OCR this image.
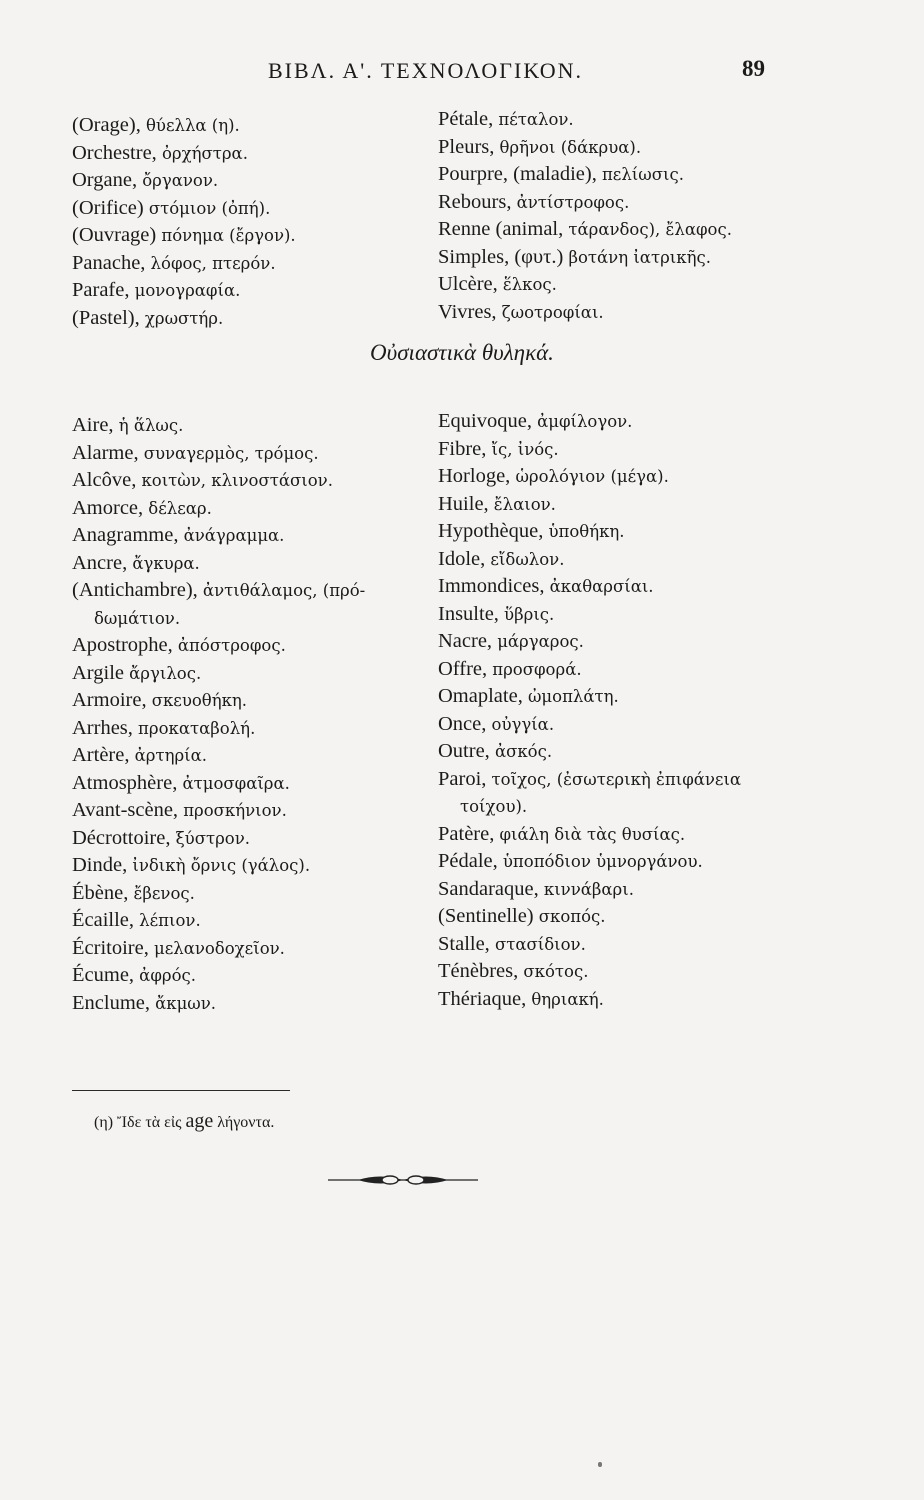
BIBΛ. Α'. ΤΕΧΝΟΛΟΓΙΚΟΝ.	89
(Orage), θύελλα (η).
Orchestre, ὀρχήστρα.
Organe, ὄργανον.
(Orifice) στόμιον (ὀπή).
(Ouvrage) πόνημα (ἔργον).
Panache, λόφος, πτερόν.
Parafe, μονογραφία.
(Pastel), χρωστήρ.
Pétale, πέταλον.
Pleurs, θρῆνοι (δάκρυα).
Pourpre, (maladie), πελίωσις.
Rebours, ἀντίστροφος.
Renne (animal, τάρανδος), ἔλαφος.
Simples, (φυτ.) βοτάνη ἰατρικῆς.
Ulcère, ἕλκος.
Vivres, ζωοτροφίαι.
Aire, ἡ ἅλως.
Alarme, συναγερμὸς, τρόμος.
Alcôve, κοιτὼν, κλινοστάσιον.
Amorce, δέλεαρ.
Anagramme, ἀνάγραμμα.
Ancre, ἄγκυρα.
(Antichambre), ἀντιθάλαμος, (πρό-
δωμάτιον.
Apostrophe, ἀπόστροφος.
Argile ἄργιλος.
Armoire, σκευοθήκη.
Arrhes, προκαταβολή.
Artère, ἀρτηρία.
Atmosphère, ἀτμοσφαῖρα.
Avant-scène, προσκήνιον.
Décrottoire, ξύστρον.
Dinde, ἰνδικὴ ὄρνις (γάλος).
Ébène, ἔβενος.
Écaille, λέπιον.
Écritoire, μελανοδοχεῖον.
Écume, ἀφρός.
Enclume, ἄκμων.
Equivoque, ἀμφίλογον.
Fibre, ἴς, ἰνός.
Horloge, ὡρολόγιον (μέγα).
Huile, ἔλαιον.
Hypothèque, ὑποθήκη.
Idole, εἴδωλον.
Immondices, ἀκαθαρσίαι.
Insulte, ὕβρις.
Nacre, μάργαρος.
Offre, προσφορά.
Omaplate, ὠμοπλάτη.
Once, οὐγγία.
Outre, ἀσκός.
Paroi, τοῖχος, (ἐσωτερικὴ ἐπιφάνεια
τοίχου).
Patère, φιάλη διὰ τὰς θυσίας.
Pédale, ὑποπόδιον ὑμνοργάνου.
Sandaraque, κιννάβαρι.
(Sentinelle) σκοπός.
Stalle, στασίδιον.
Ténèbres, σκότος.
Thériaque, θηριακή.
Οὐσιαστικὰ θυληκά.
(η) Ἴδε τὰ εἰς age λήγοντα.
